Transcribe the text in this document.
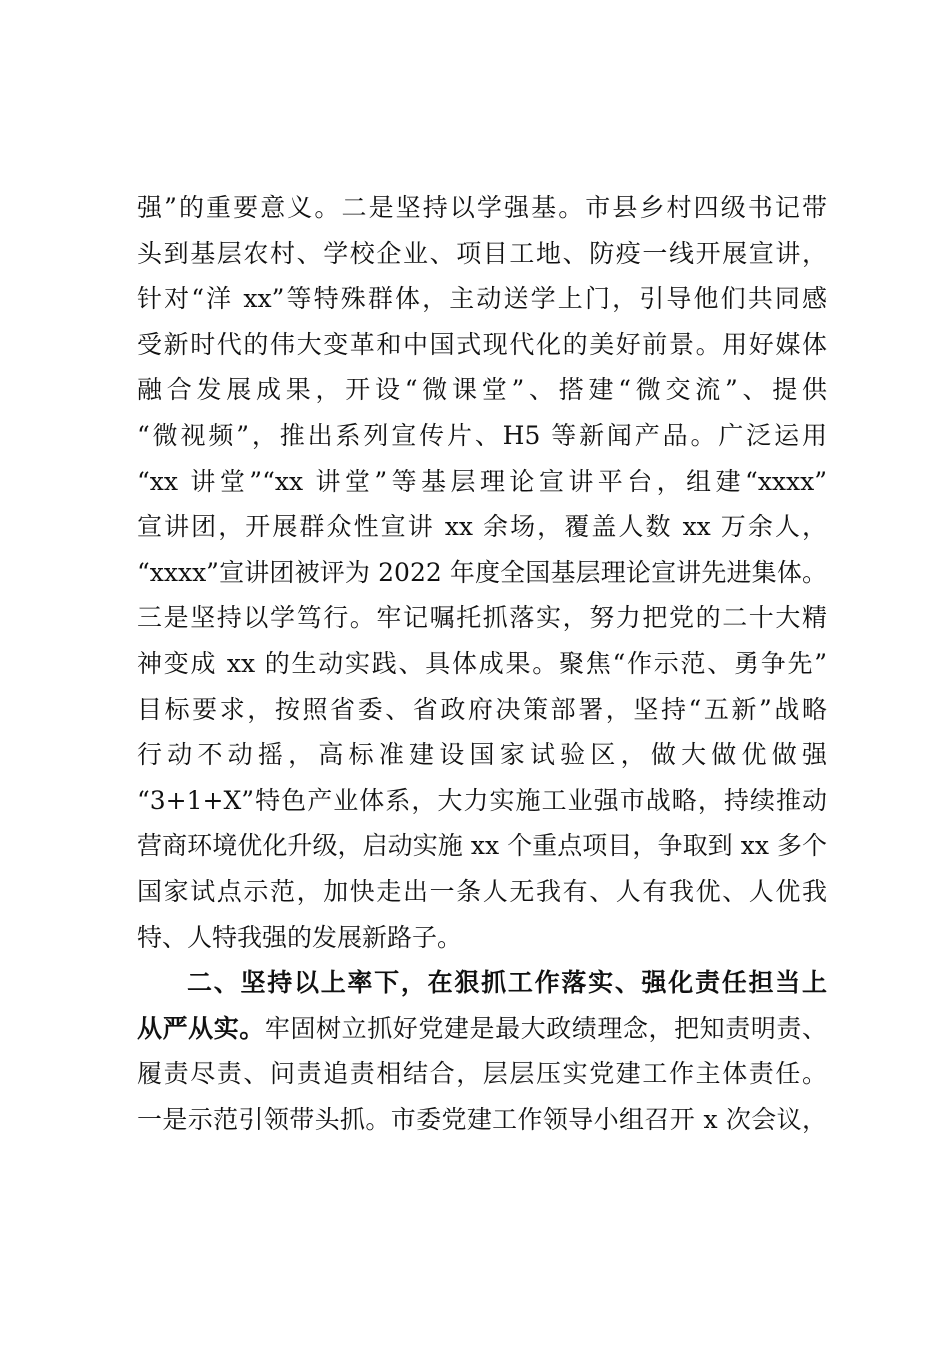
强”的重要意义。二是坚持以学强基。市县乡村四级书记带
头到基层农村、学校企业、项目工地、防疫一线开展宣讲，
针对“洋 xx”等特殊群体，主动送学上门，引导他们共同感
受新时代的伟大变革和中国式现代化的美好前景。用好媒体
融合发展成果，开设“微课堂”、搭建“微交流”、提供
“微视频”，推出系列宣传片、H5 等新闻产品。广泛运用
“xx 讲堂”“xx 讲堂”等基层理论宣讲平台，组建“xxxx”
宣讲团，开展群众性宣讲 xx 余场，覆盖人数 xx 万余人，
“xxxx”宣讲团被评为 2022 年度全国基层理论宣讲先进集体。
三是坚持以学笃行。牢记嘱托抓落实，努力把党的二十大精
神变成 xx 的生动实践、具体成果。聚焦“作示范、勇争先”
目标要求，按照省委、省政府决策部署，坚持“五新”战略
行动不动摇，高标准建设国家试验区，做大做优做强
“3+1+X”特色产业体系，大力实施工业强市战略，持续推动
营商环境优化升级，启动实施 xx 个重点项目，争取到 xx 多个
国家试点示范，加快走出一条人无我有、人有我优、人优我
特、人特我强的发展新路子。
二、坚持以上率下，在狠抓工作落实、强化责任担当上
从严从实。牢固树立抓好党建是最大政绩理念，把知责明责、
履责尽责、问责追责相结合，层层压实党建工作主体责任。
一是示范引领带头抓。市委党建工作领导小组召开 x 次会议，
